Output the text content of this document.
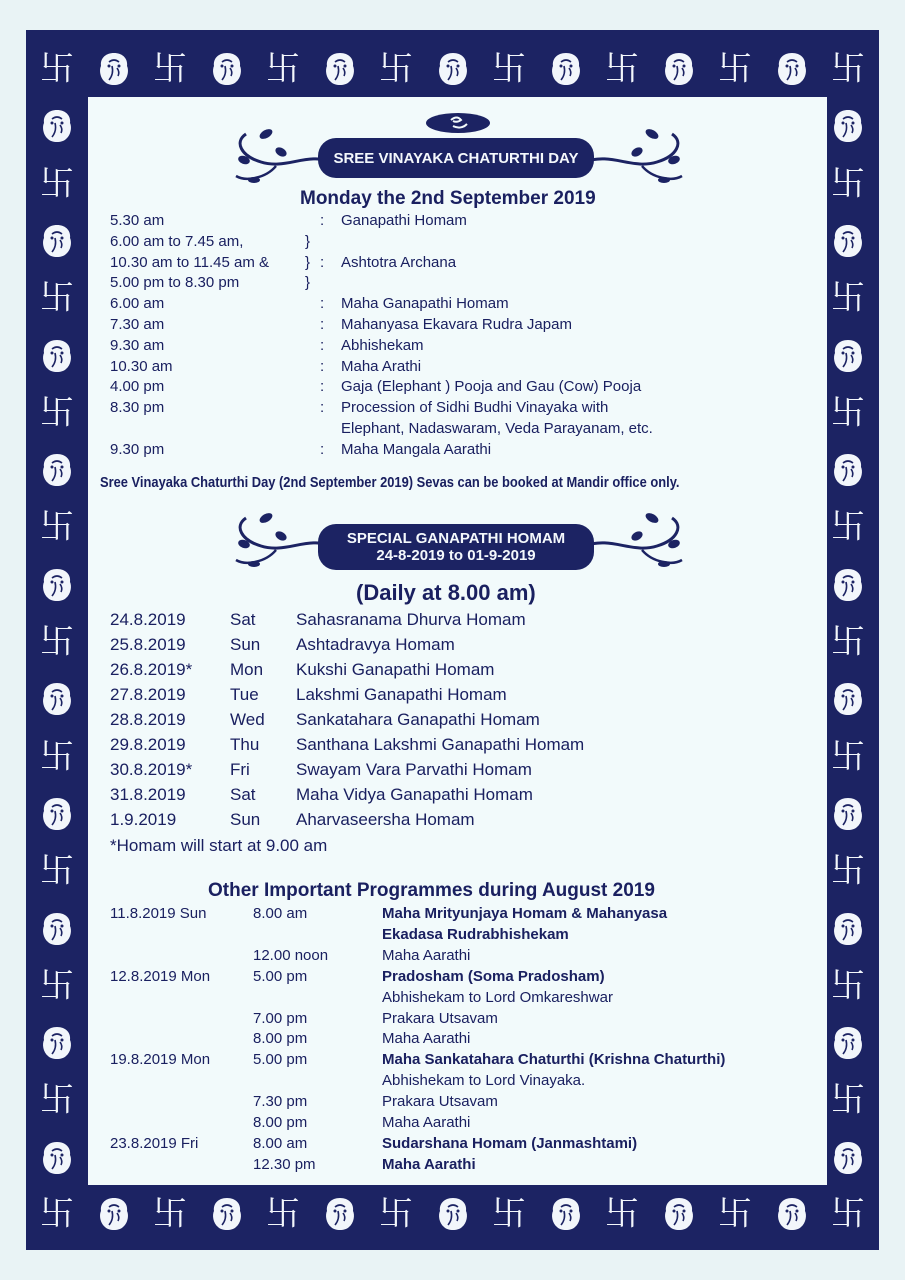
卐
卐
卐
卐
卐
卐
卐
卐
卐
卐
卐
卐
卐
卐
卐
卐
卐	卐
卐	卐
卐	卐
卐	卐
卐	卐
卐	卐
卐	卐
卐	卐
卐	卐
SREE VINAYAKA CHATURTHI DAY
Monday the 2nd September 2019
5.30 am	: Ganapathi Homam
6.00 am to 7.45 am,	}
10.30 am to 11.45 am & } : Ashtotra Archana
5.00 pm to 8.30 pm	}
6.00 am	: Maha Ganapathi Homam
7.30 am	: Mahanyasa Ekavara Rudra Japam
9.30 am	: Abhishekam
10.30 am	: Maha Arathi
4.00 pm	: Gaja (Elephant ) Pooja and Gau (Cow) Pooja
8.30 pm	: Procession of Sidhi Budhi Vinayaka with
Elephant, Nadaswaram, Veda Parayanam, etc.
9.30 pm	: Maha Mangala Aarathi
Sree Vinayaka Chaturthi Day (2nd September 2019) Sevas can be booked at Mandir office only.
SPECIAL GANAPATHI HOMAM
24-8-2019 to 01-9-2019
(Daily at 8.00 am)
24.8.2019	Sat Sahasranama Dhurva Homam
25.8.2019	Sun Ashtadravya Homam
26.8.2019* Mon Kukshi Ganapathi Homam
27.8.2019	Tue Lakshmi Ganapathi Homam
28.8.2019	Wed Sankatahara Ganapathi Homam
29.8.2019	Thu Santhana Lakshmi Ganapathi Homam
30.8.2019* Fri	Swayam Vara Parvathi Homam
31.8.2019	Sat Maha Vidya Ganapathi Homam
1.9.2019	Sun Aharvaseersha Homam
*Homam will start at 9.00 am
Other Important Programmes during August 2019
11.8.2019 Sun	8.00 am	Maha Mrityunjaya Homam & Mahanyasa
Ekadasa Rudrabhishekam
12.00 noon	Maha Aarathi
12.8.2019 Mon	5.00 pm	Pradosham (Soma Pradosham)
Abhishekam to Lord Omkareshwar
7.00 pm	Prakara Utsavam
8.00 pm	Maha Aarathi
19.8.2019 Mon	5.00 pm	Maha Sankatahara Chaturthi (Krishna Chaturthi)
Abhishekam to Lord Vinayaka.
7.30 pm	Prakara Utsavam
8.00 pm	Maha Aarathi
23.8.2019 Fri	8.00 am	Sudarshana Homam (Janmashtami)
12.30 pm	Maha Aarathi
